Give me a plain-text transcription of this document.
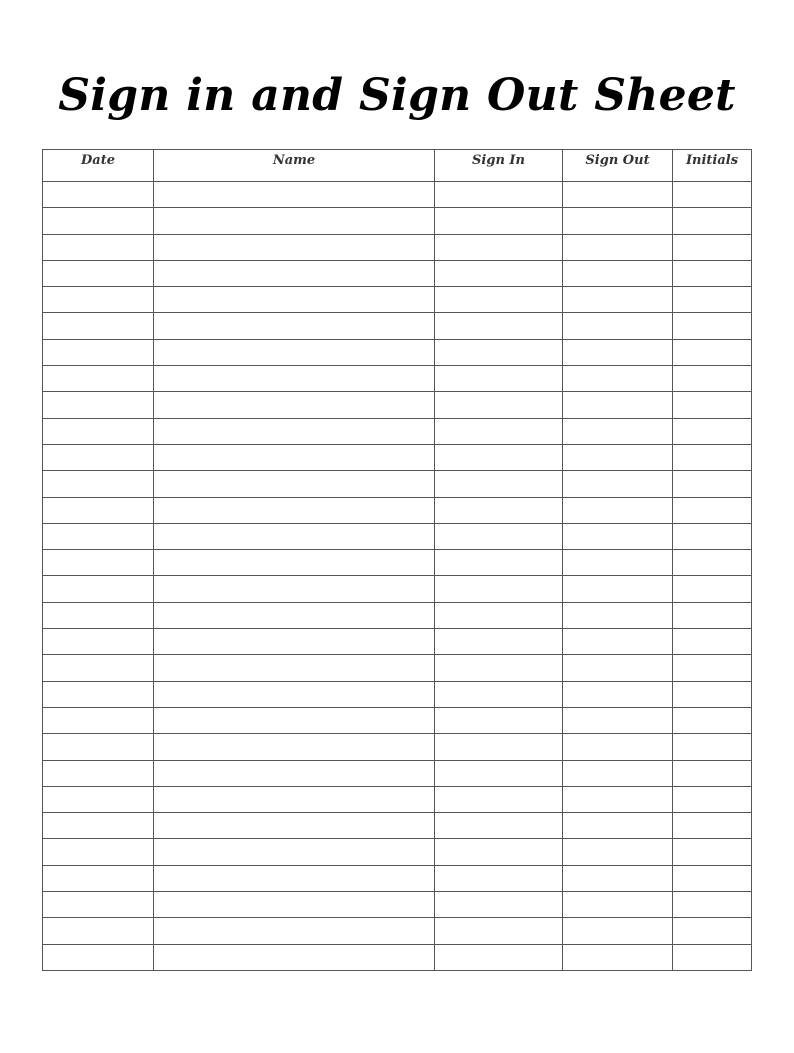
Sign in and Sign Out Sheet
Date	Name	Sign In	Sign Out	Initials
